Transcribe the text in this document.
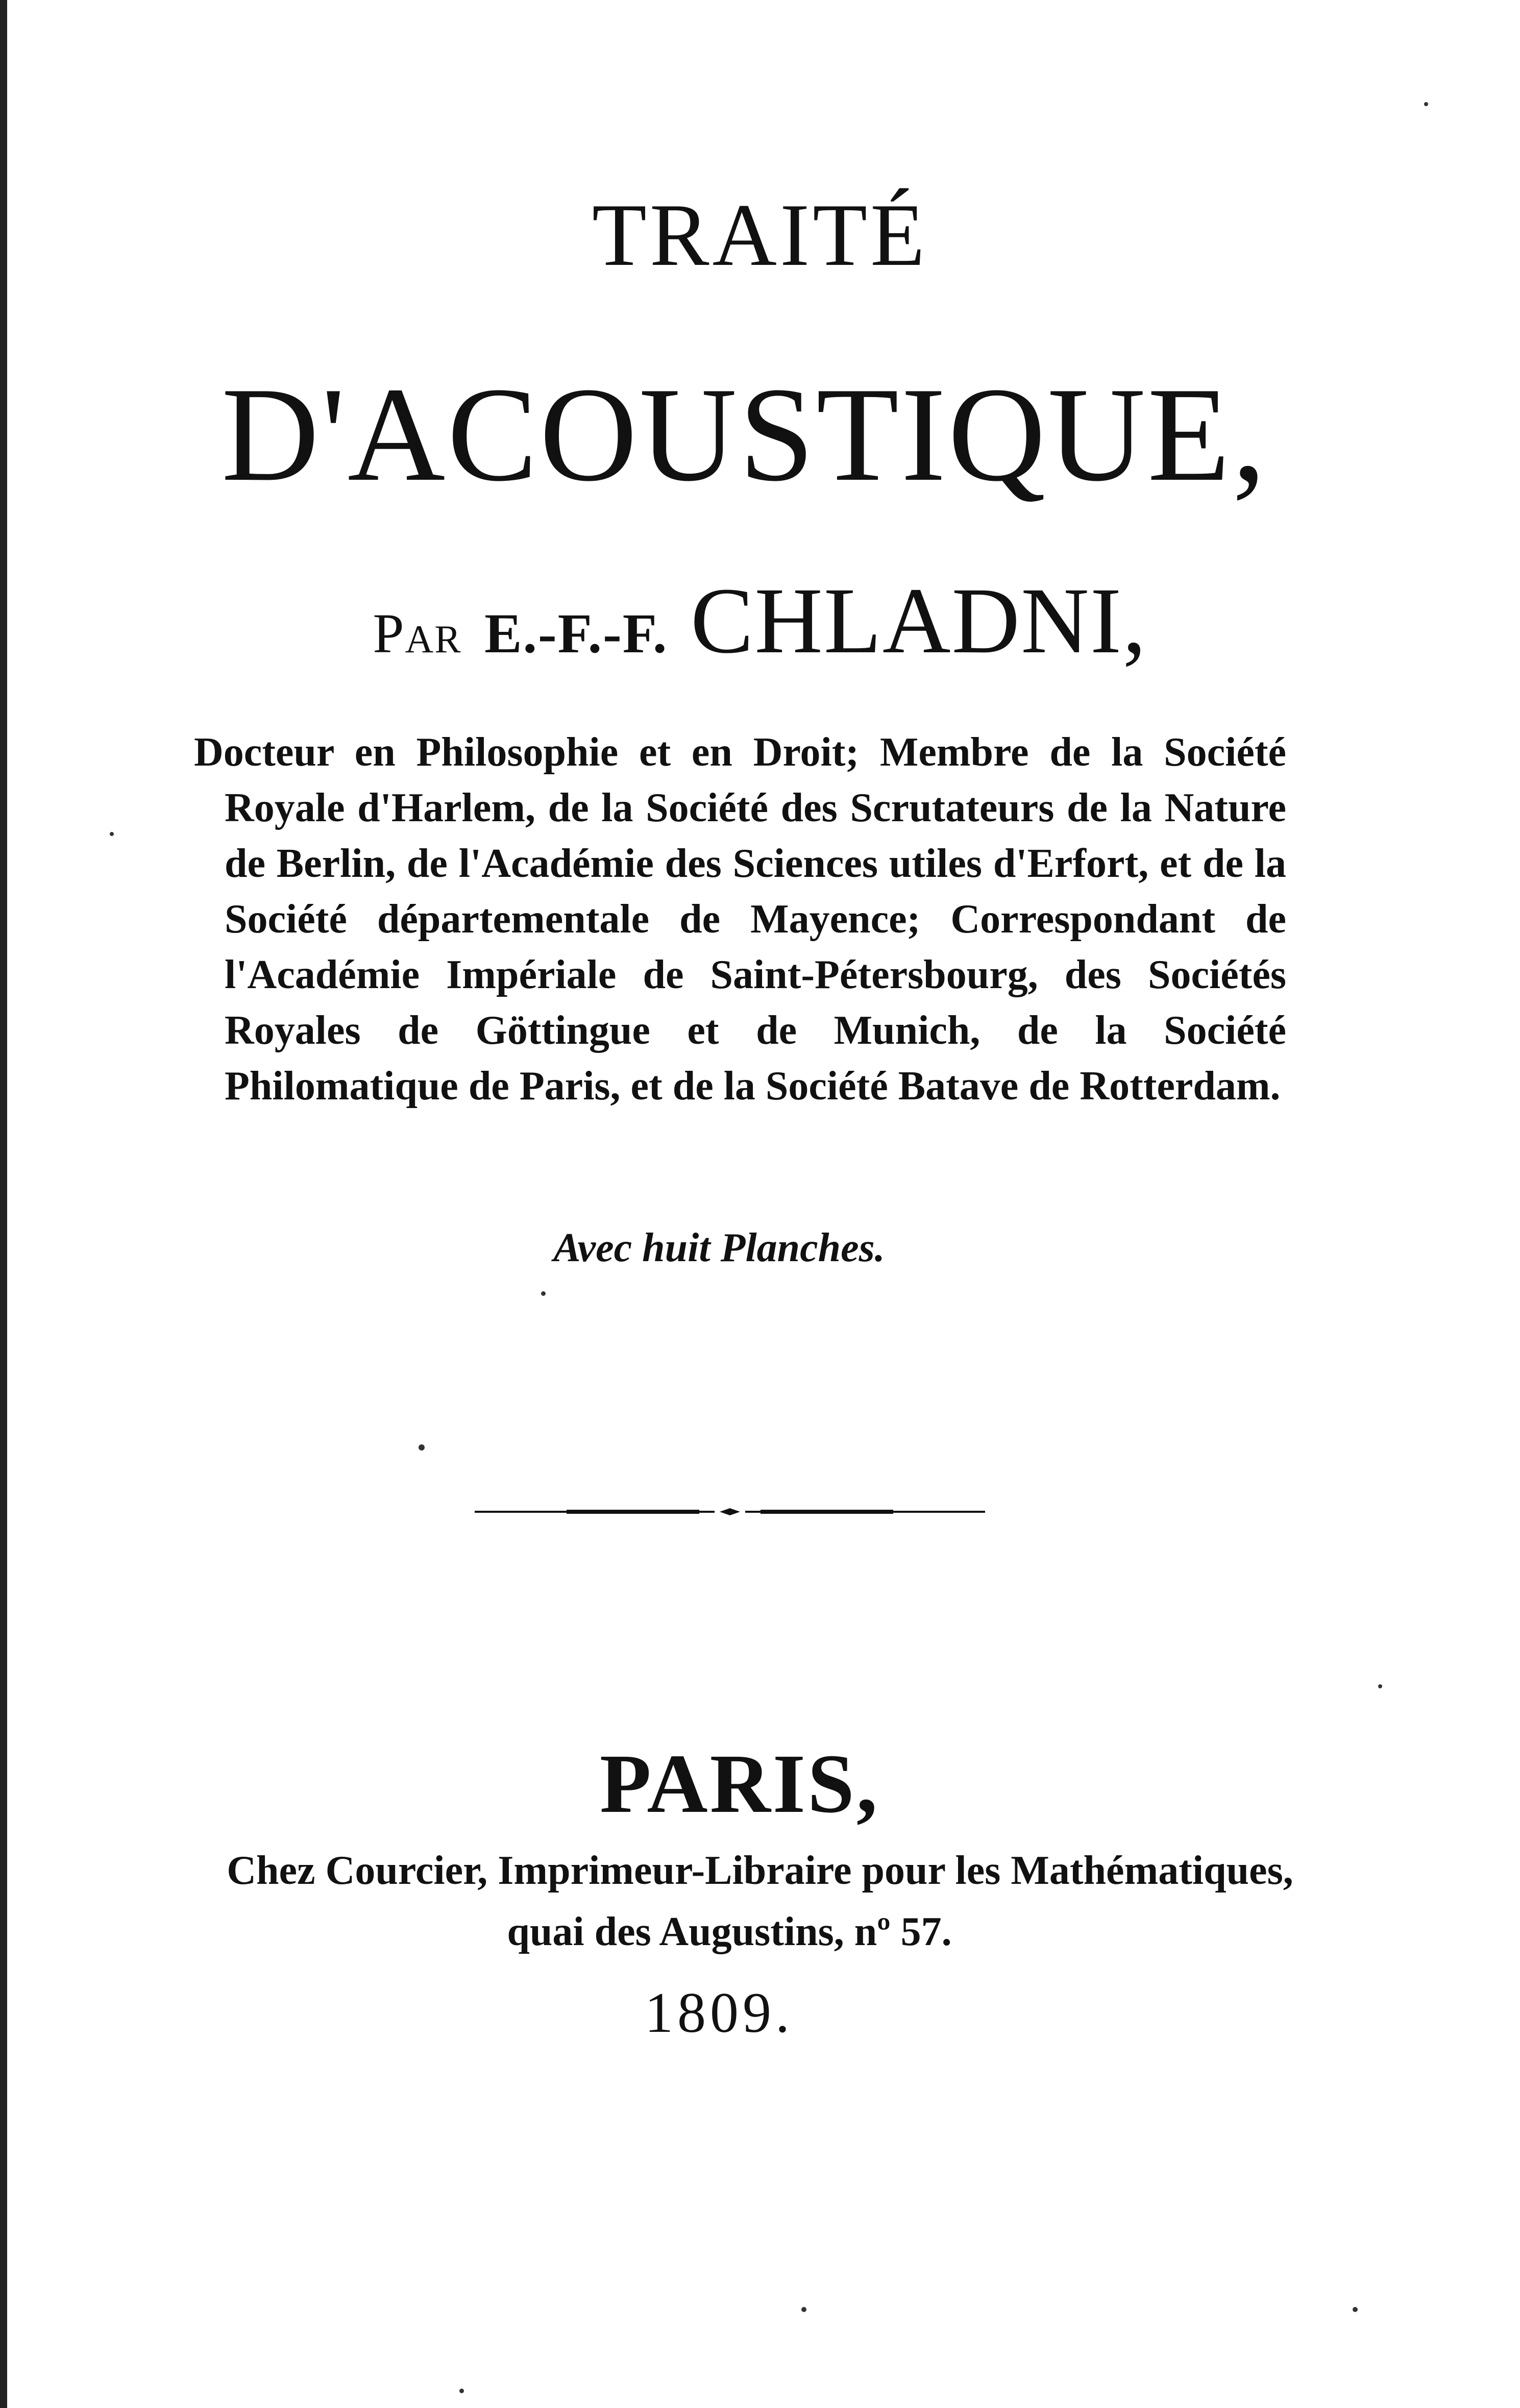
TRAITÉ
D'ACOUSTIQUE,
Par E.-F.-F. CHLADNI,
Docteur en Philosophie et en Droit; Membre de la Société Royale d'Harlem, de la Société des Scrutateurs de la Nature de Berlin, de l'Académie des Sciences utiles d'Erfort, et de la Société départementale de Mayence; Correspondant de l'Académie Impériale de Saint-Pétersbourg, des Sociétés Royales de Göttingue et de Munich, de la Société Philomatique de Paris, et de la Société Batave de Rotterdam.
Avec huit Planches.
PARIS,
Chez Courcier, Imprimeur-Libraire pour les Mathématiques,
quai des Augustins, nº 57.
1809.
